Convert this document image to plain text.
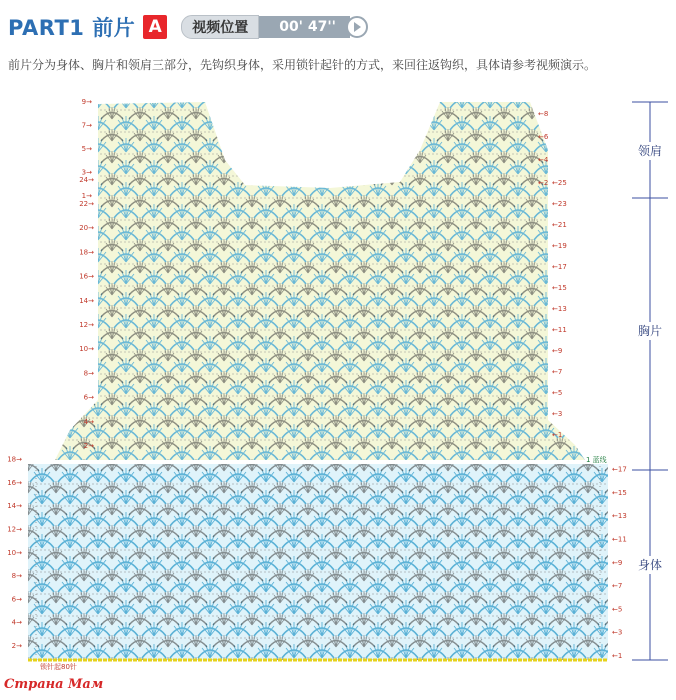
PART1 前片 A	视频位置	00' 47''
前片分为身体、胸片和领肩三部分，先钩织身体，采用锁针起针的方式，来回往返钩织，具体请参考视频演示。
领肩
胸片
身体
锁针起80针
1 蓝线
2→
4→
6→
8→
10→
12→
14→
16→
18→
←1
←3
←5
←7
←9
←11
←13
←15
←17
2→
4→
6→
8→
10→
12→
14→
16→
18→
20→
22→
24→
←1
←3
←5
←7
←9
←11
←13
←15
←17
←19
←21
←23
←25
1→
3→
5→
7→
9→
←2
←4
←6
←8
Страна Мам
